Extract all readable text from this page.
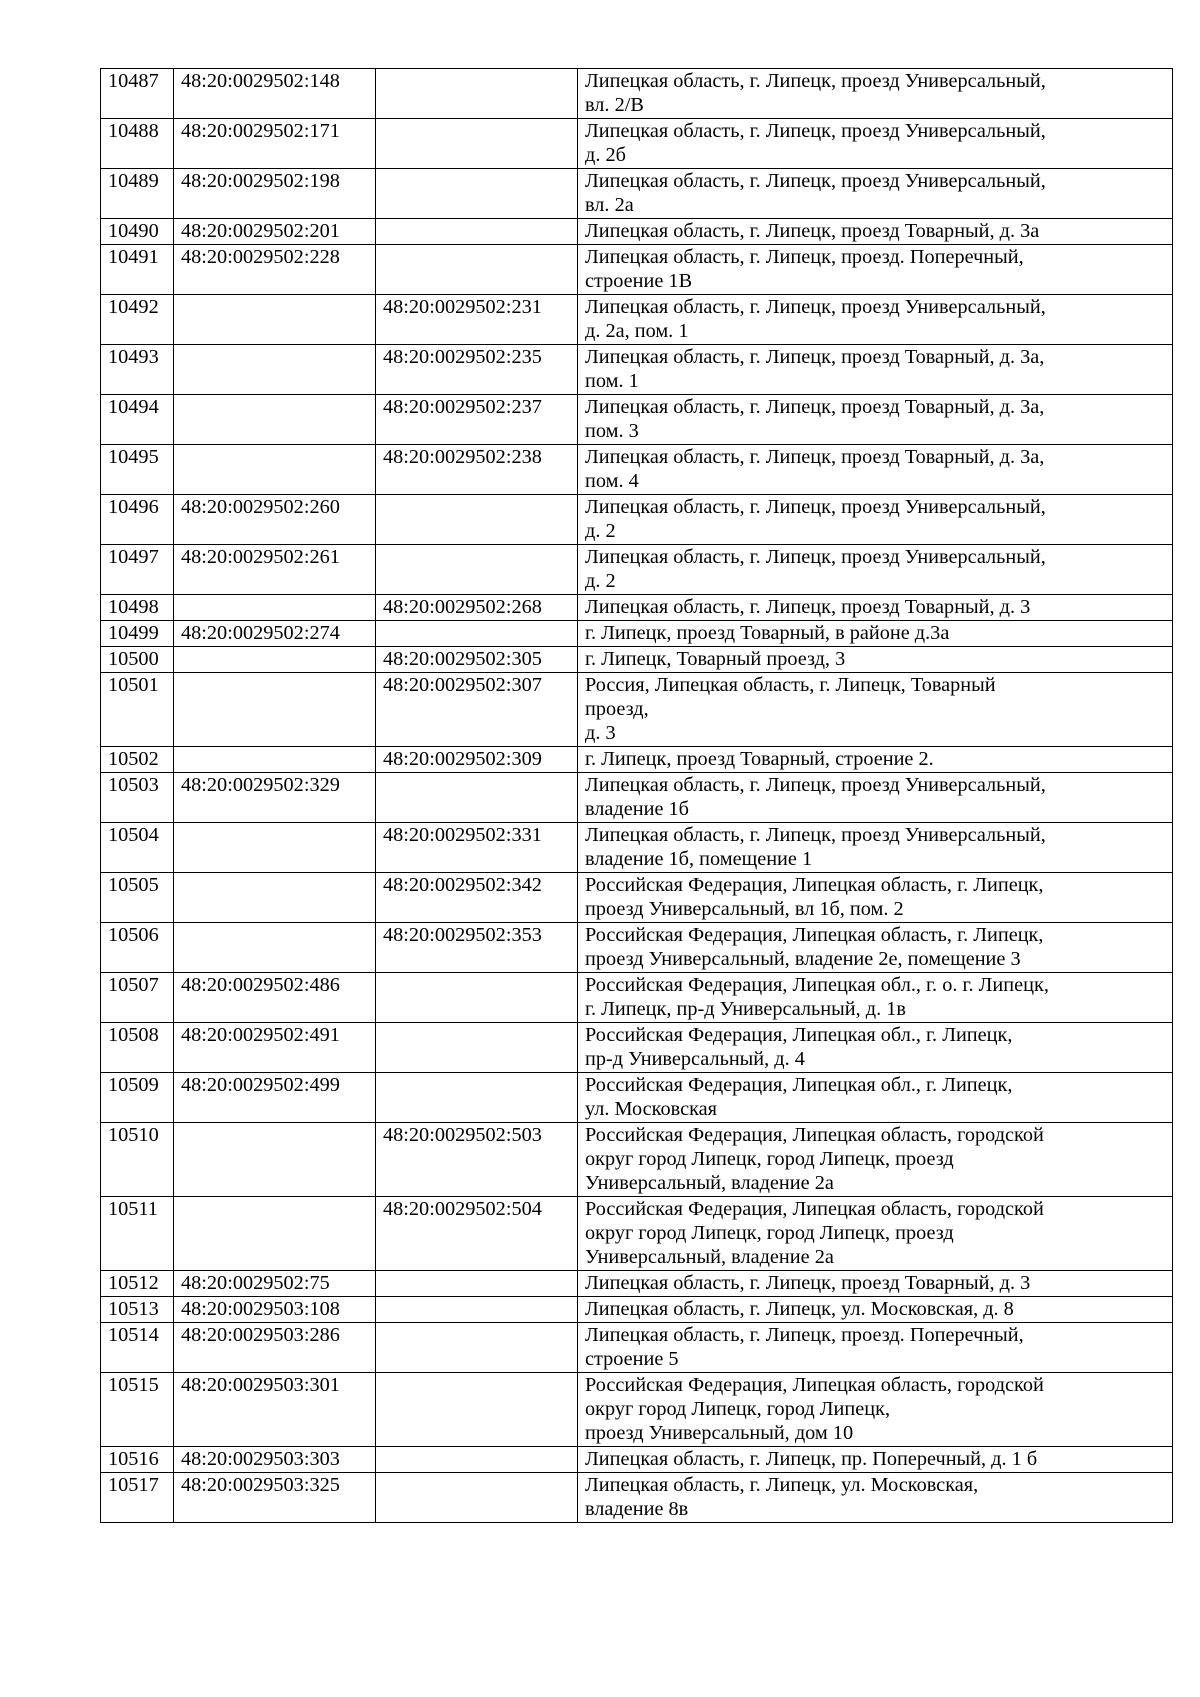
10487	48:20:0029502:148		Липецкая область, г. Липецк, проезд Универсальный,
вл. 2/В
10488	48:20:0029502:171		Липецкая область, г. Липецк, проезд Универсальный,
д. 2б
10489	48:20:0029502:198		Липецкая область, г. Липецк, проезд Универсальный,
вл. 2а
10490	48:20:0029502:201		Липецкая область, г. Липецк, проезд Товарный, д. 3а
10491	48:20:0029502:228		Липецкая область, г. Липецк, проезд. Поперечный,
строение 1В
10492		48:20:0029502:231	Липецкая область, г. Липецк, проезд Универсальный,
д. 2а, пом. 1
10493		48:20:0029502:235	Липецкая область, г. Липецк, проезд Товарный, д. 3а,
пом. 1
10494		48:20:0029502:237	Липецкая область, г. Липецк, проезд Товарный, д. 3а,
пом. 3
10495		48:20:0029502:238	Липецкая область, г. Липецк, проезд Товарный, д. 3а,
пом. 4
10496	48:20:0029502:260		Липецкая область, г. Липецк, проезд Универсальный,
д. 2
10497	48:20:0029502:261		Липецкая область, г. Липецк, проезд Универсальный,
д. 2
10498		48:20:0029502:268	Липецкая область, г. Липецк, проезд Товарный, д. 3
10499	48:20:0029502:274		г. Липецк, проезд Товарный, в районе д.3а
10500		48:20:0029502:305	г. Липецк, Товарный проезд, 3
10501		48:20:0029502:307	Россия, Липецкая область, г. Липецк, Товарный
проезд,
д. 3
10502		48:20:0029502:309	г. Липецк, проезд Товарный, строение 2.
10503	48:20:0029502:329		Липецкая область, г. Липецк, проезд Универсальный,
владение 1б
10504		48:20:0029502:331	Липецкая область, г. Липецк, проезд Универсальный,
владение 1б, помещение 1
10505		48:20:0029502:342	Российская Федерация, Липецкая область, г. Липецк,
проезд Универсальный, вл 1б, пом. 2
10506		48:20:0029502:353	Российская Федерация, Липецкая область, г. Липецк,
проезд Универсальный, владение 2е, помещение 3
10507	48:20:0029502:486		Российская Федерация, Липецкая обл., г. о. г. Липецк,
г. Липецк, пр-д Универсальный, д. 1в
10508	48:20:0029502:491		Российская Федерация, Липецкая обл., г. Липецк,
пр-д Универсальный, д. 4
10509	48:20:0029502:499		Российская Федерация, Липецкая обл., г. Липецк,
ул. Московская
10510		48:20:0029502:503	Российская Федерация, Липецкая область, городской
округ город Липецк, город Липецк, проезд
Универсальный, владение 2а
10511		48:20:0029502:504	Российская Федерация, Липецкая область, городской
округ город Липецк, город Липецк, проезд
Универсальный, владение 2а
10512	48:20:0029502:75		Липецкая область, г. Липецк, проезд Товарный, д. 3
10513	48:20:0029503:108		Липецкая область, г. Липецк, ул. Московская, д. 8
10514	48:20:0029503:286		Липецкая область, г. Липецк, проезд. Поперечный,
строение 5
10515	48:20:0029503:301		Российская Федерация, Липецкая область, городской
округ город Липецк, город Липецк,
проезд Универсальный, дом 10
10516	48:20:0029503:303		Липецкая область, г. Липецк, пр. Поперечный, д. 1 б
10517	48:20:0029503:325		Липецкая область, г. Липецк, ул. Московская,
владение 8в
